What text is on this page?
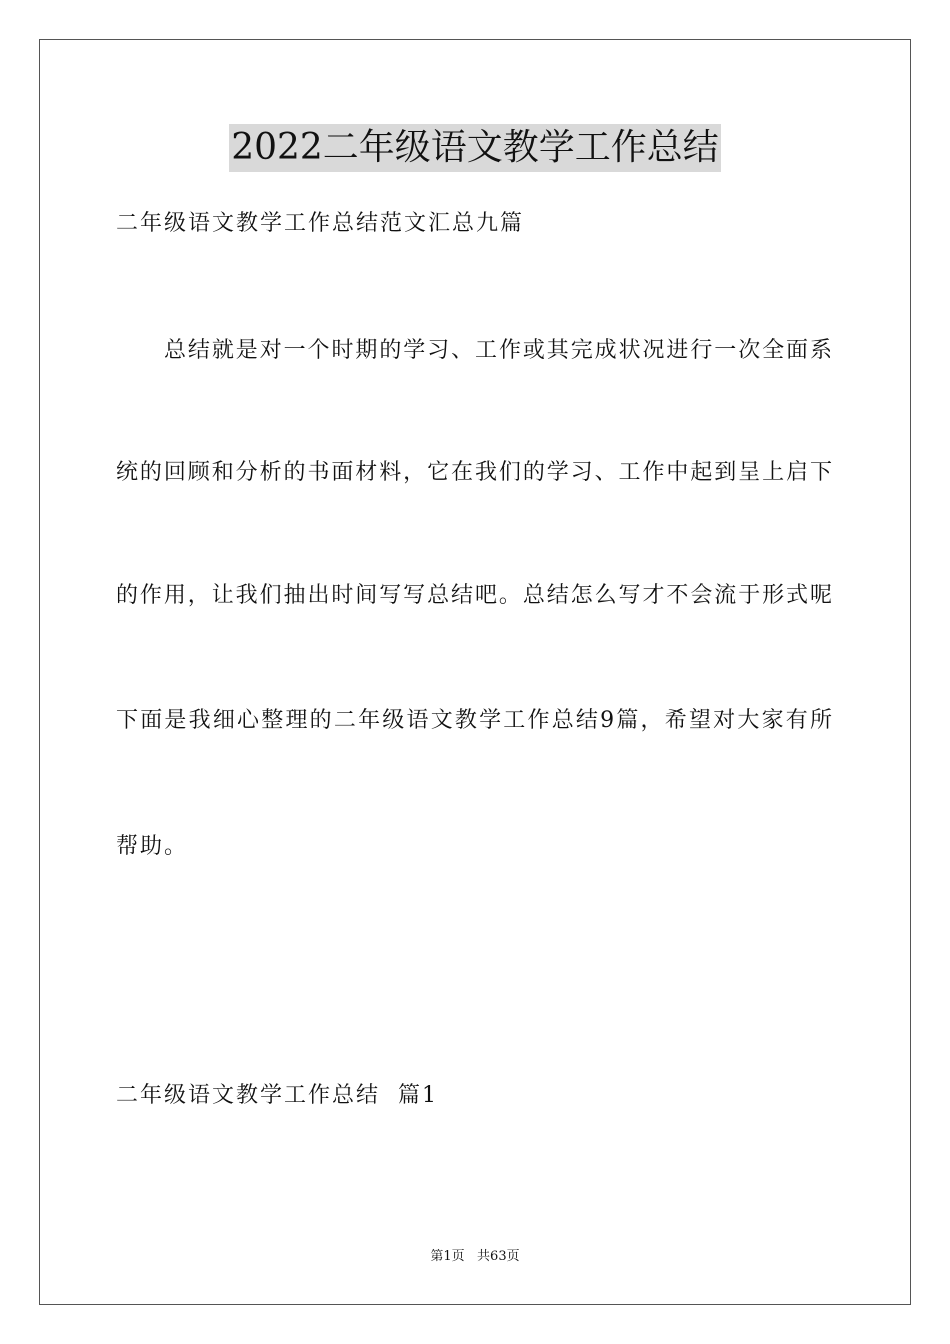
2022二年级语文教学工作总结
二年级语文教学工作总结范文汇总九篇
总结就是对一个时期的学习、工作或其完成状况进行一次全面系
统的回顾和分析的书面材料，它在我们的学习、工作中起到呈上启下
的作用，让我们抽出时间写写总结吧。总结怎么写才不会流于形式呢
下面是我细心整理的二年级语文教学工作总结9篇，希望对大家有所
帮助。
二年级语文教学工作总结  篇1
第1页   共63页
